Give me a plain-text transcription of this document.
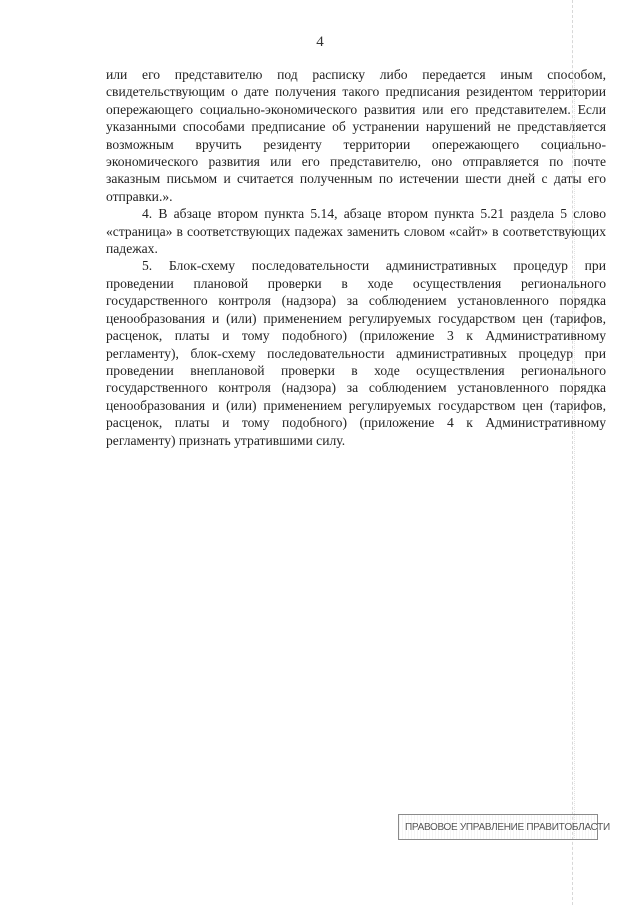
4

или его представителю под расписку либо передается иным способом, свидетельствующим о дате получения такого предписания резидентом территории опережающего социально-экономического развития или его представителем. Если указанными способами предписание об устранении нарушений не представляется возможным вручить резиденту территории опережающего социально-экономического развития или его представителю, оно отправляется по почте заказным письмом и считается полученным по истечении шести дней с даты его отправки.».

4. В абзаце втором пункта 5.14, абзаце втором пункта 5.21 раздела 5 слово «страница» в соответствующих падежах заменить словом «сайт» в соответствующих падежах.

5. Блок-схему последовательности административных процедур при проведении плановой проверки в ходе осуществления регионального государственного контроля (надзора) за соблюдением установленного порядка ценообразования и (или) применением регулируемых государством цен (тарифов, расценок, платы и тому подобного) (приложение 3 к Административному регламенту), блок-схему последовательности административных процедур при проведении внеплановой проверки в ходе осуществления регионального государственного контроля (надзора) за соблюдением установленного порядка ценообразования и (или) применением регулируемых государством цен (тарифов, расценок, платы и тому подобного) (приложение 4 к Административному регламенту) признать утратившими силу.

ПРАВОВОЕ УПРАВЛЕНИЕ ПРАВИТ ОБЛАСТИ
